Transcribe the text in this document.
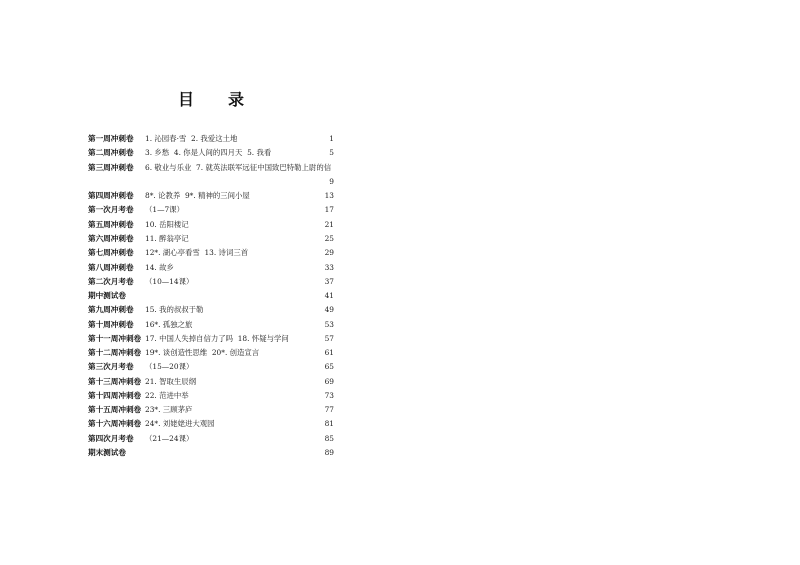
目录
第一周冲刺卷	1. 沁园春·雪  2. 我爱这土地	1
第二周冲刺卷	3. 乡愁  4. 你是人间的四月天  5. 我看	5
第三周冲刺卷	6. 敬业与乐业  7. 就英法联军远征中国致巴特勒上尉的信
9
第四周冲刺卷	8*. 论教养  9*. 精神的三间小屋	13
第一次月考卷	（1—7课）	17
第五周冲刺卷	10. 岳阳楼记	21
第六周冲刺卷	11. 醉翁亭记	25
第七周冲刺卷	12*. 湖心亭看雪  13. 诗词三首	29
第八周冲刺卷	14. 故乡	33
第二次月考卷	（10—14课）	37
期中测试卷	41
第九周冲刺卷	15. 我的叔叔于勒	49
第十周冲刺卷	16*. 孤独之旅	53
第十一周冲刺卷 17. 中国人失掉自信力了吗  18. 怀疑与学问	57
第十二周冲刺卷 19*. 谈创造性思维  20*. 创造宣言	61
第三次月考卷	（15—20课）	65
第十三周冲刺卷 21. 智取生辰纲	69
第十四周冲刺卷 22. 范进中举	73
第十五周冲刺卷 23*. 三顾茅庐	77
第十六周冲刺卷 24*. 刘姥姥进大观园	81
第四次月考卷	（21—24课）	85
期末测试卷	89
